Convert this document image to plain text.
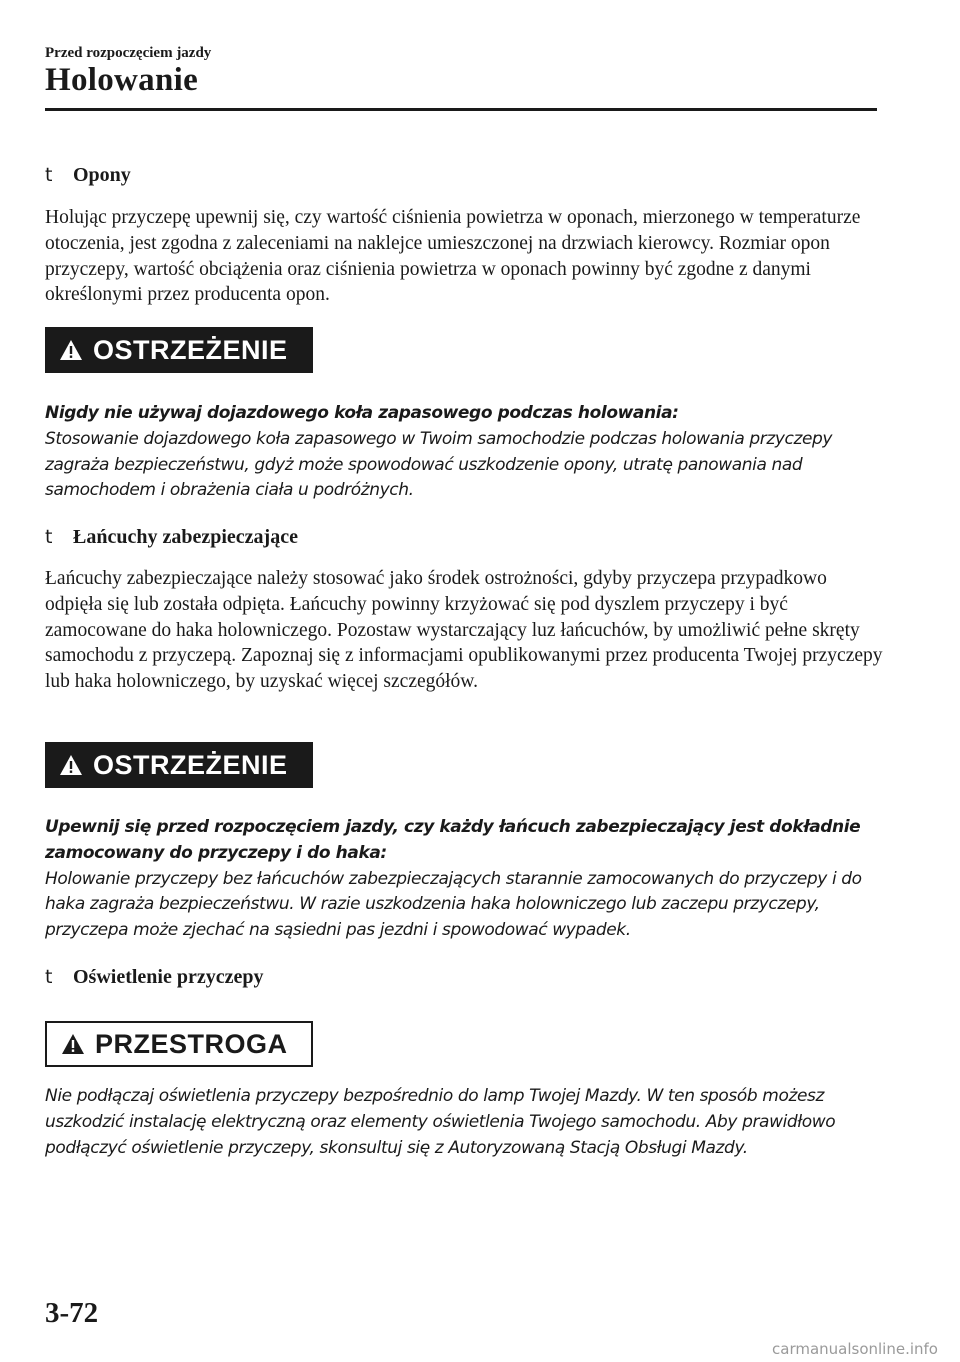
Przed rozpoczęciem jazdy
Holowanie
t Opony
Holując przyczepę upewnij się, czy wartość ciśnienia powietrza w oponach, mierzonego w temperaturze otoczenia, jest zgodna z zaleceniami na naklejce umieszczonej na drzwiach kierowcy. Rozmiar opon przyczepy, wartość obciążenia oraz ciśnienia powietrza w oponach powinny być zgodne z danymi określonymi przez producenta opon.
OSTRZEŻENIE
Nigdy nie używaj dojazdowego koła zapasowego podczas holowania:
Stosowanie dojazdowego koła zapasowego w Twoim samochodzie podczas holowania przyczepy zagraża bezpieczeństwu, gdyż może spowodować uszkodzenie opony, utratę panowania nad samochodem i obrażenia ciała u podróżnych.
t Łańcuchy zabezpieczające
Łańcuchy zabezpieczające należy stosować jako środek ostrożności, gdyby przyczepa przypadkowo odpięła się lub została odpięta. Łańcuchy powinny krzyżować się pod dyszlem przyczepy i być zamocowane do haka holowniczego. Pozostaw wystarczający luz łańcuchów, by umożliwić pełne skręty samochodu z przyczepą. Zapoznaj się z informacjami opublikowanymi przez producenta Twojej przyczepy lub haka holowniczego, by uzyskać więcej szczegółów.
OSTRZEŻENIE
Upewnij się przed rozpoczęciem jazdy, czy każdy łańcuch zabezpieczający jest dokładnie zamocowany do przyczepy i do haka:
Holowanie przyczepy bez łańcuchów zabezpieczających starannie zamocowanych do przyczepy i do haka zagraża bezpieczeństwu. W razie uszkodzenia haka holowniczego lub zaczepu przyczepy, przyczepa może zjechać na sąsiedni pas jezdni i spowodować wypadek.
t Oświetlenie przyczepy
PRZESTROGA
Nie podłączaj oświetlenia przyczepy bezpośrednio do lamp Twojej Mazdy. W ten sposób możesz uszkodzić instalację elektryczną oraz elementy oświetlenia Twojego samochodu. Aby prawidłowo podłączyć oświetlenie przyczepy, skonsultuj się z Autoryzowaną Stacją Obsługi Mazdy.
3-72
carmanualsonline.info
